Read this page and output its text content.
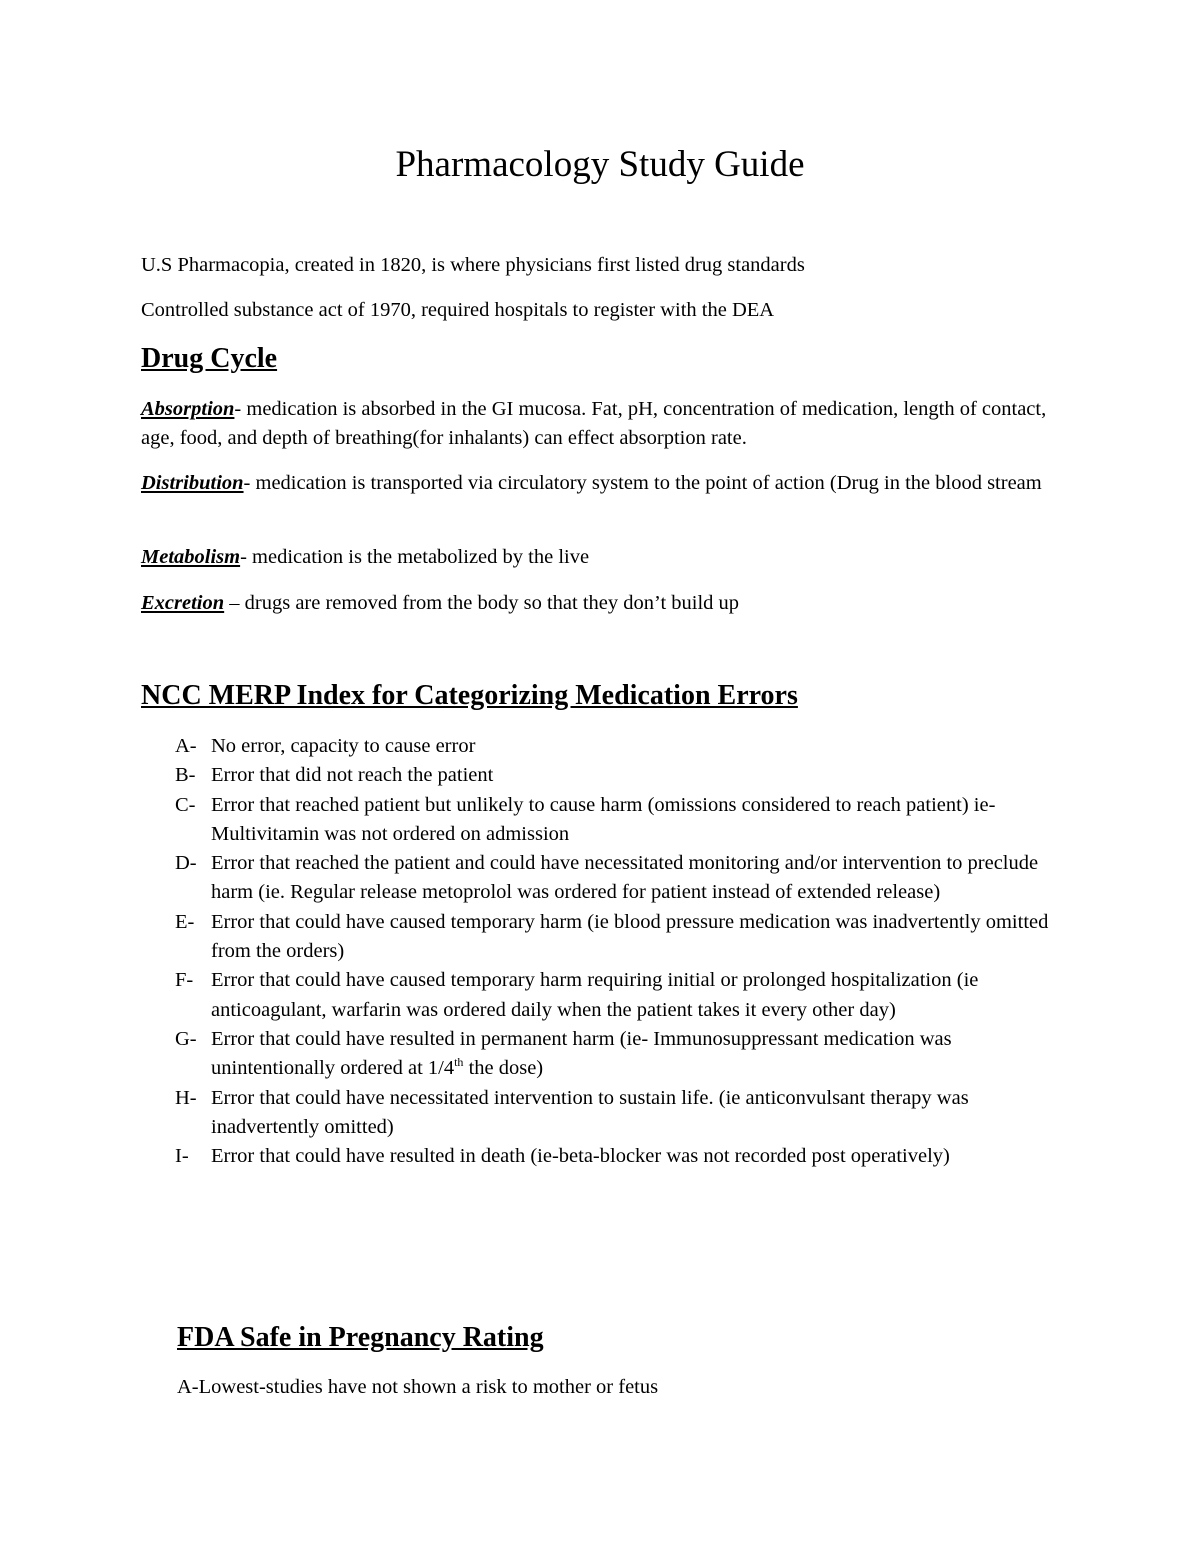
Pharmacology Study Guide

U.S Pharmacopia, created in 1820, is where physicians first listed drug standards

Controlled substance act of 1970, required hospitals to register with the DEA

Drug Cycle

Absorption- medication is absorbed in the GI mucosa. Fat, pH, concentration of medication, length of contact, age, food, and depth of breathing(for inhalants) can effect absorption rate.

Distribution- medication is transported via circulatory system to the point of action (Drug in the blood stream

Metabolism- medication is the metabolized by the live

Excretion – drugs are removed from the body so that they don’t build up

NCC MERP Index for Categorizing Medication Errors
A- No error, capacity to cause error
B- Error that did not reach the patient
C- Error that reached patient but unlikely to cause harm (omissions considered to reach patient) ie- Multivitamin was not ordered on admission
D- Error that reached the patient and could have necessitated monitoring and/or intervention to preclude harm (ie. Regular release metoprolol was ordered for patient instead of extended release)
E- Error that could have caused temporary harm (ie blood pressure medication was inadvertently omitted from the orders)
F- Error that could have caused temporary harm requiring initial or prolonged hospitalization (ie anticoagulant, warfarin was ordered daily when the patient takes it every other day)
G- Error that could have resulted in permanent harm (ie- Immunosuppressant medication was unintentionally ordered at 1/4th the dose)
H- Error that could have necessitated intervention to sustain life. (ie anticonvulsant therapy was inadvertently omitted)
I-	Error that could have resulted in death (ie-beta-blocker was not recorded post operatively)
FDA Safe in Pregnancy Rating

A-Lowest-studies have not shown a risk to mother or fetus
